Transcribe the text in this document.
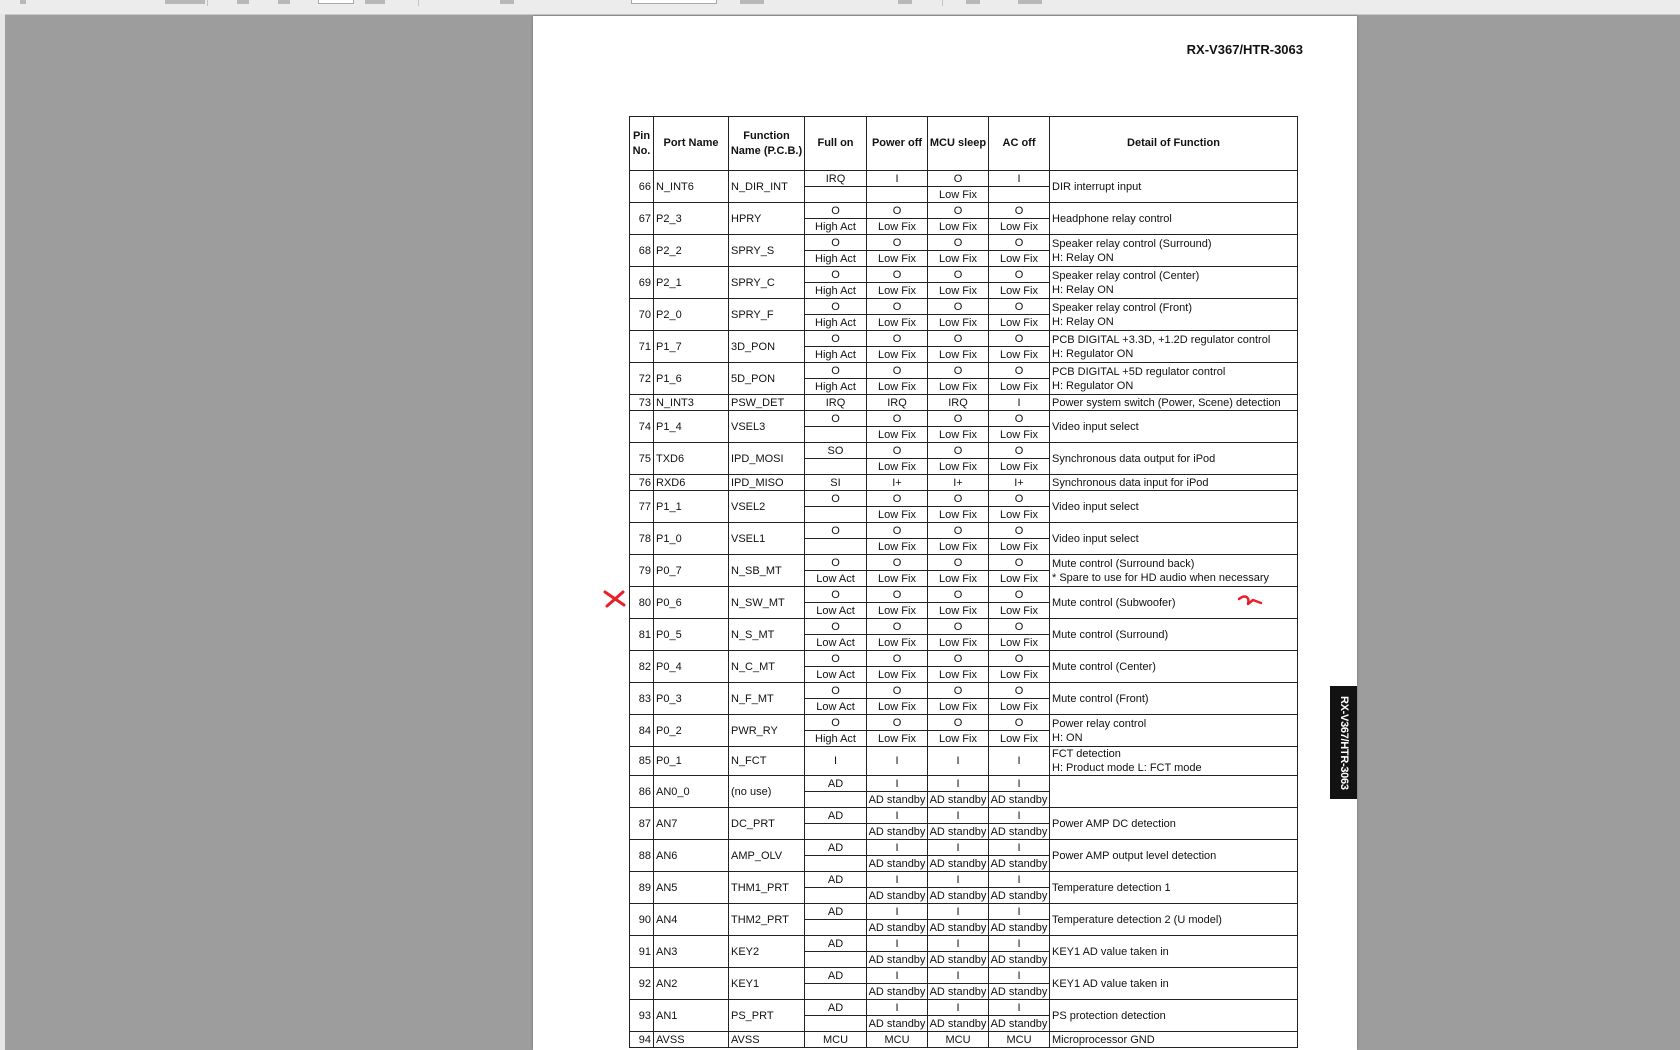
RX-V367/HTR-3063
RX-V367/HTR-3063
Pin No.	Port Name	Function Name (P.C.B.)	Full on	Power off	MCU sleep	AC off	Detail of Function
66	N_INT6	N_DIR_INT	IRQ	I	O	I	DIR interrupt input

					Low Fix		
67	P2_3	HPRY	O	O	O	O	Headphone relay control

			High Act	Low Fix	Low Fix	Low Fix	
68	P2_2	SPRY_S	O	O	O	O	Speaker relay control (Surround)
H: Relay ON

			High Act	Low Fix	Low Fix	Low Fix	
69	P2_1	SPRY_C	O	O	O	O	Speaker relay control (Center)
H: Relay ON

			High Act	Low Fix	Low Fix	Low Fix	
70	P2_0	SPRY_F	O	O	O	O	Speaker relay control (Front)
H: Relay ON

			High Act	Low Fix	Low Fix	Low Fix	
71	P1_7	3D_PON	O	O	O	O	PCB DIGITAL +3.3D, +1.2D regulator control
H: Regulator ON

			High Act	Low Fix	Low Fix	Low Fix	
72	P1_6	5D_PON	O	O	O	O	PCB DIGITAL +5D regulator control
H: Regulator ON

			High Act	Low Fix	Low Fix	Low Fix	
73	N_INT3	PSW_DET	IRQ	IRQ	IRQ	I	Power system switch (Power, Scene) detection

74	P1_4	VSEL3	O	O	O	O	Video input select

				Low Fix	Low Fix	Low Fix	
75	TXD6	IPD_MOSI	SO	O	O	O	Synchronous data output for iPod

				Low Fix	Low Fix	Low Fix	
76	RXD6	IPD_MISO	SI	I+	I+	I+	Synchronous data input for iPod

77	P1_1	VSEL2	O	O	O	O	Video input select

				Low Fix	Low Fix	Low Fix	
78	P1_0	VSEL1	O	O	O	O	Video input select

				Low Fix	Low Fix	Low Fix	
79	P0_7	N_SB_MT	O	O	O	O	Mute control (Surround back)
* Spare to use for HD audio when necessary

			Low Act	Low Fix	Low Fix	Low Fix	
80	P0_6	N_SW_MT	O	O	O	O	Mute control (Subwoofer)

			Low Act	Low Fix	Low Fix	Low Fix	
81	P0_5	N_S_MT	O	O	O	O	Mute control (Surround)

			Low Act	Low Fix	Low Fix	Low Fix	
82	P0_4	N_C_MT	O	O	O	O	Mute control (Center)

			Low Act	Low Fix	Low Fix	Low Fix	
83	P0_3	N_F_MT	O	O	O	O	Mute control (Front)

			Low Act	Low Fix	Low Fix	Low Fix	
84	P0_2	PWR_RY	O	O	O	O	Power relay control
H: ON

			High Act	Low Fix	Low Fix	Low Fix	
85	P0_1	N_FCT	I	I	I	I	FCT detection
H: Product mode L: FCT mode

86	AN0_0	(no use)	AD	I	I	I	

				AD standby	AD standby	AD standby	
87	AN7	DC_PRT	AD	I	I	I	Power AMP DC detection

				AD standby	AD standby	AD standby	
88	AN6	AMP_OLV	AD	I	I	I	Power AMP output level detection

				AD standby	AD standby	AD standby	
89	AN5	THM1_PRT	AD	I	I	I	Temperature detection 1

				AD standby	AD standby	AD standby	
90	AN4	THM2_PRT	AD	I	I	I	Temperature detection 2 (U model)

				AD standby	AD standby	AD standby	
91	AN3	KEY2	AD	I	I	I	KEY1 AD value taken in

				AD standby	AD standby	AD standby	
92	AN2	KEY1	AD	I	I	I	KEY1 AD value taken in

				AD standby	AD standby	AD standby	
93	AN1	PS_PRT	AD	I	I	I	PS protection detection

				AD standby	AD standby	AD standby	
94	AVSS	AVSS	MCU	MCU	MCU	MCU	Microprocessor GND
